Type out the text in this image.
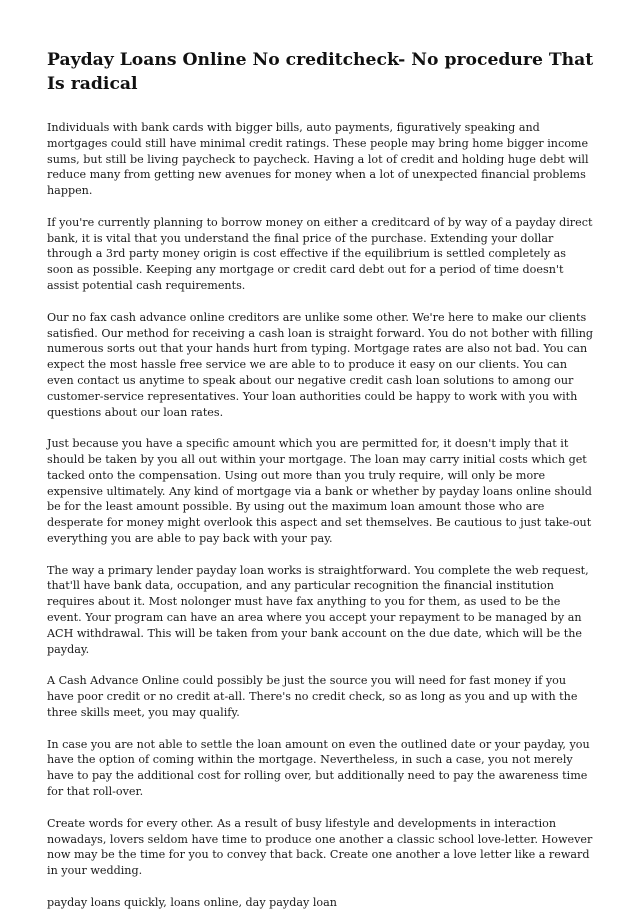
Payday Loans Online No creditcheck- No procedure That Is radical

Individuals with bank cards with bigger bills, auto payments, figuratively speaking and mortgages could still have minimal credit ratings. These people may bring home bigger income sums, but still be living paycheck to paycheck. Having a lot of credit and holding huge debt will reduce many from getting new avenues for money when a lot of unexpected financial problems happen.

If you're currently planning to borrow money on either a creditcard of by way of a payday direct bank, it is vital that you understand the final price of the purchase. Extending your dollar through a 3rd party money origin is cost effective if the equilibrium is settled completely as soon as possible. Keeping any mortgage or credit card debt out for a period of time doesn't assist potential cash requirements.

Our no fax cash advance online creditors are unlike some other. We're here to make our clients satisfied. Our method for receiving a cash loan is straight forward. You do not bother with filling numerous sorts out that your hands hurt from typing. Mortgage rates are also not bad. You can expect the most hassle free service we are able to to produce it easy on our clients. You can even contact us anytime to speak about our negative credit cash loan solutions to among our customer-service representatives. Your loan authorities could be happy to work with you with questions about our loan rates.

Just because you have a specific amount which you are permitted for, it doesn't imply that it should be taken by you all out within your mortgage. The loan may carry initial costs which get tacked onto the compensation. Using out more than you truly require, will only be more expensive ultimately. Any kind of mortgage via a bank or whether by payday loans online should be for the least amount possible. By using out the maximum loan amount those who are desperate for money might overlook this aspect and set themselves. Be cautious to just take-out everything you are able to pay back with your pay.

The way a primary lender payday loan works is straightforward. You complete the web request, that'll have bank data, occupation, and any particular recognition the financial institution requires about it. Most nolonger must have fax anything to you for them, as used to be the event. Your program can have an area where you accept your repayment to be managed by an ACH withdrawal. This will be taken from your bank account on the due date, which will be the payday.

A Cash Advance Online could possibly be just the source you will need for fast money if you have poor credit or no credit at-all. There's no credit check, so as long as you and up with the three skills meet, you may qualify.

In case you are not able to settle the loan amount on even the outlined date or your payday, you have the option of coming within the mortgage. Nevertheless, in such a case, you not merely have to pay the additional cost for rolling over, but additionally need to pay the awareness time for that roll-over.

Create words for every other. As a result of busy lifestyle and developments in interaction nowadays, lovers seldom have time to produce one another a classic school love-letter. However now may be the time for you to convey that back. Create one another a love letter like a reward in your wedding.

payday loans quickly, loans online, day payday loan
